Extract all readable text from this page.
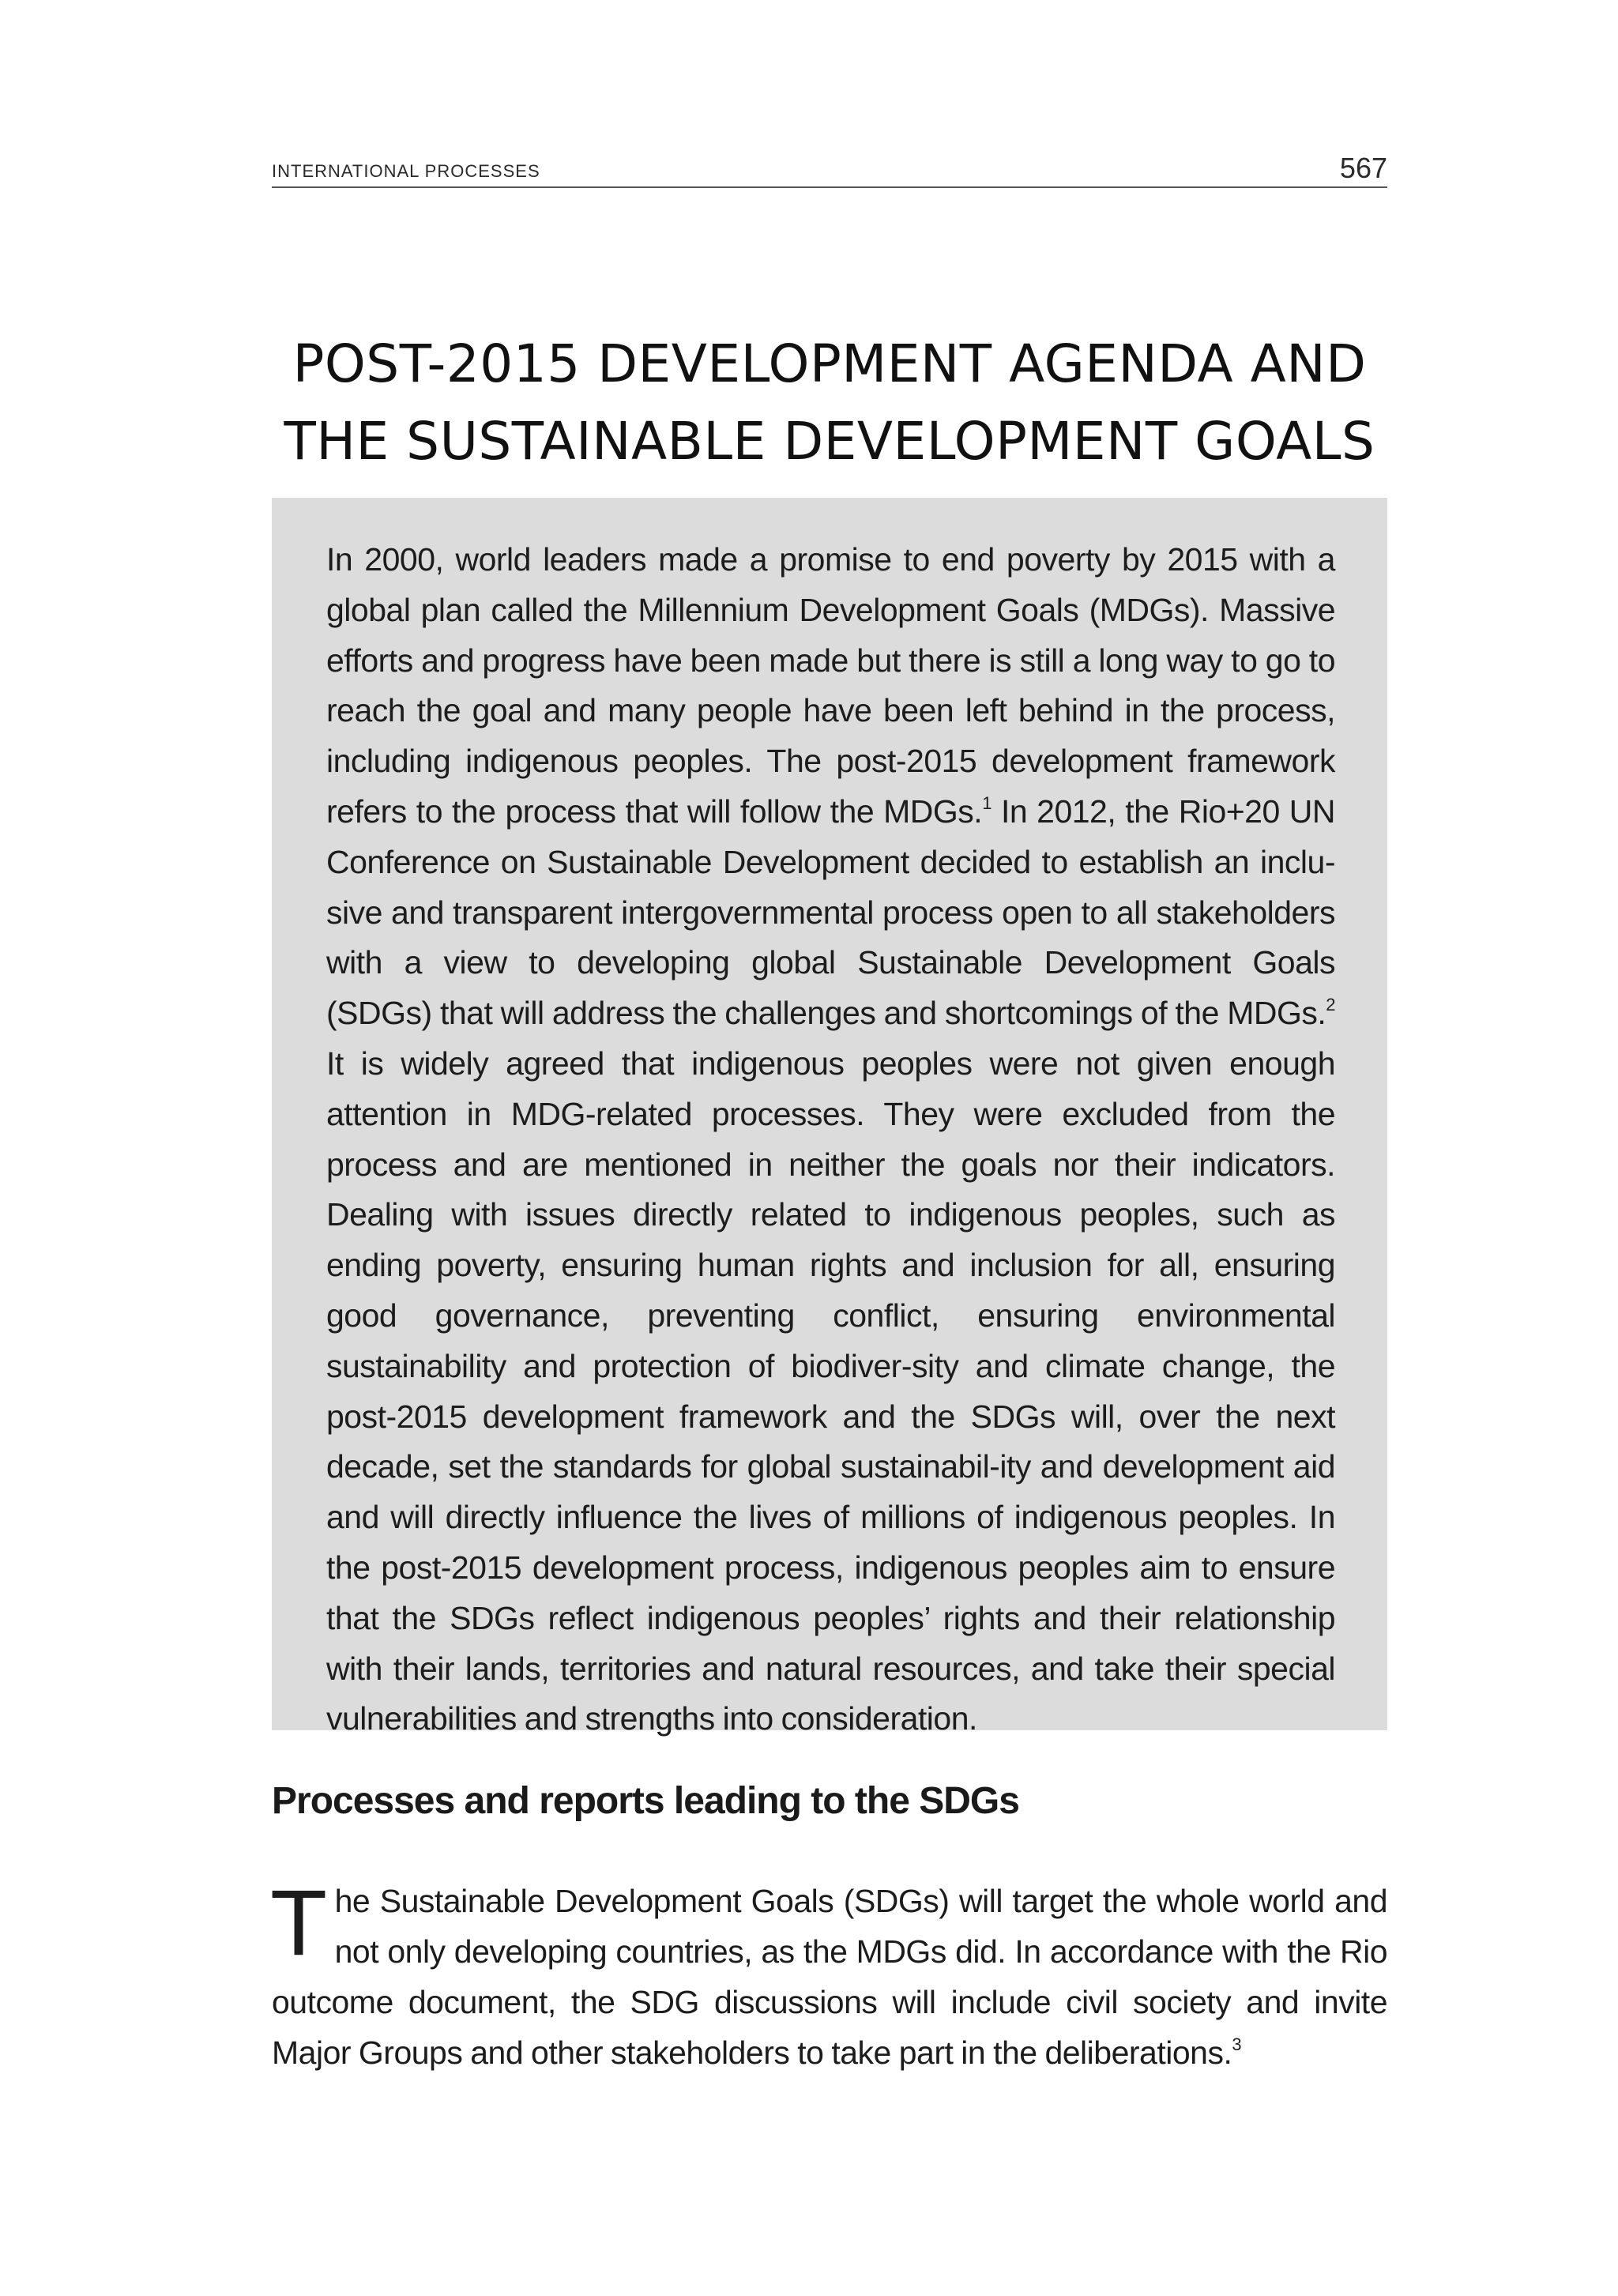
INTERNATIONAL PROCESSES	567
POST-2015 DEVELOPMENT AGENDA AND
THE SUSTAINABLE DEVELOPMENT GOALS

In 2000, world leaders made a promise to end poverty by 2015 with a global plan called the Millennium Development Goals (MDGs). Massive efforts and progress have been made but there is still a long way to go to reach the goal and many people have been left behind in the process, including indigenous peoples. The post-2015 development framework refers to the process that will follow the MDGs.$^1$ In 2012, the Rio+20 UN Conference on Sustainable Development decided to establish an inclu-sive and transparent intergovernmental process open to all stakeholders with a view to developing global Sustainable Development Goals (SDGs) that will address the challenges and shortcomings of the MDGs.$^2$ It is widely agreed that indigenous peoples were not given enough attention in MDG-related processes. They were excluded from the process and are mentioned in neither the goals nor their indicators. Dealing with issues directly related to indigenous peoples, such as ending poverty, ensuring human rights and inclusion for all, ensuring good governance, preventing conflict, ensuring environmental sustainability and protection of biodiver-sity and climate change, the post-2015 development framework and the SDGs will, over the next decade, set the standards for global sustainabil-ity and development aid and will directly influence the lives of millions of indigenous peoples. In the post-2015 development process, indigenous peoples aim to ensure that the SDGs reflect indigenous peoples’ rights and their relationship with their lands, territories and natural resources, and take their special vulnerabilities and strengths into consideration.

Processes and reports leading to the SDGs

The Sustainable Development Goals (SDGs) will target the whole world and not only developing countries, as the MDGs did. In accordance with the Rio outcome document, the SDG discussions will include civil society and invite Major Groups and other stakeholders to take part in the deliberations.$^3$
